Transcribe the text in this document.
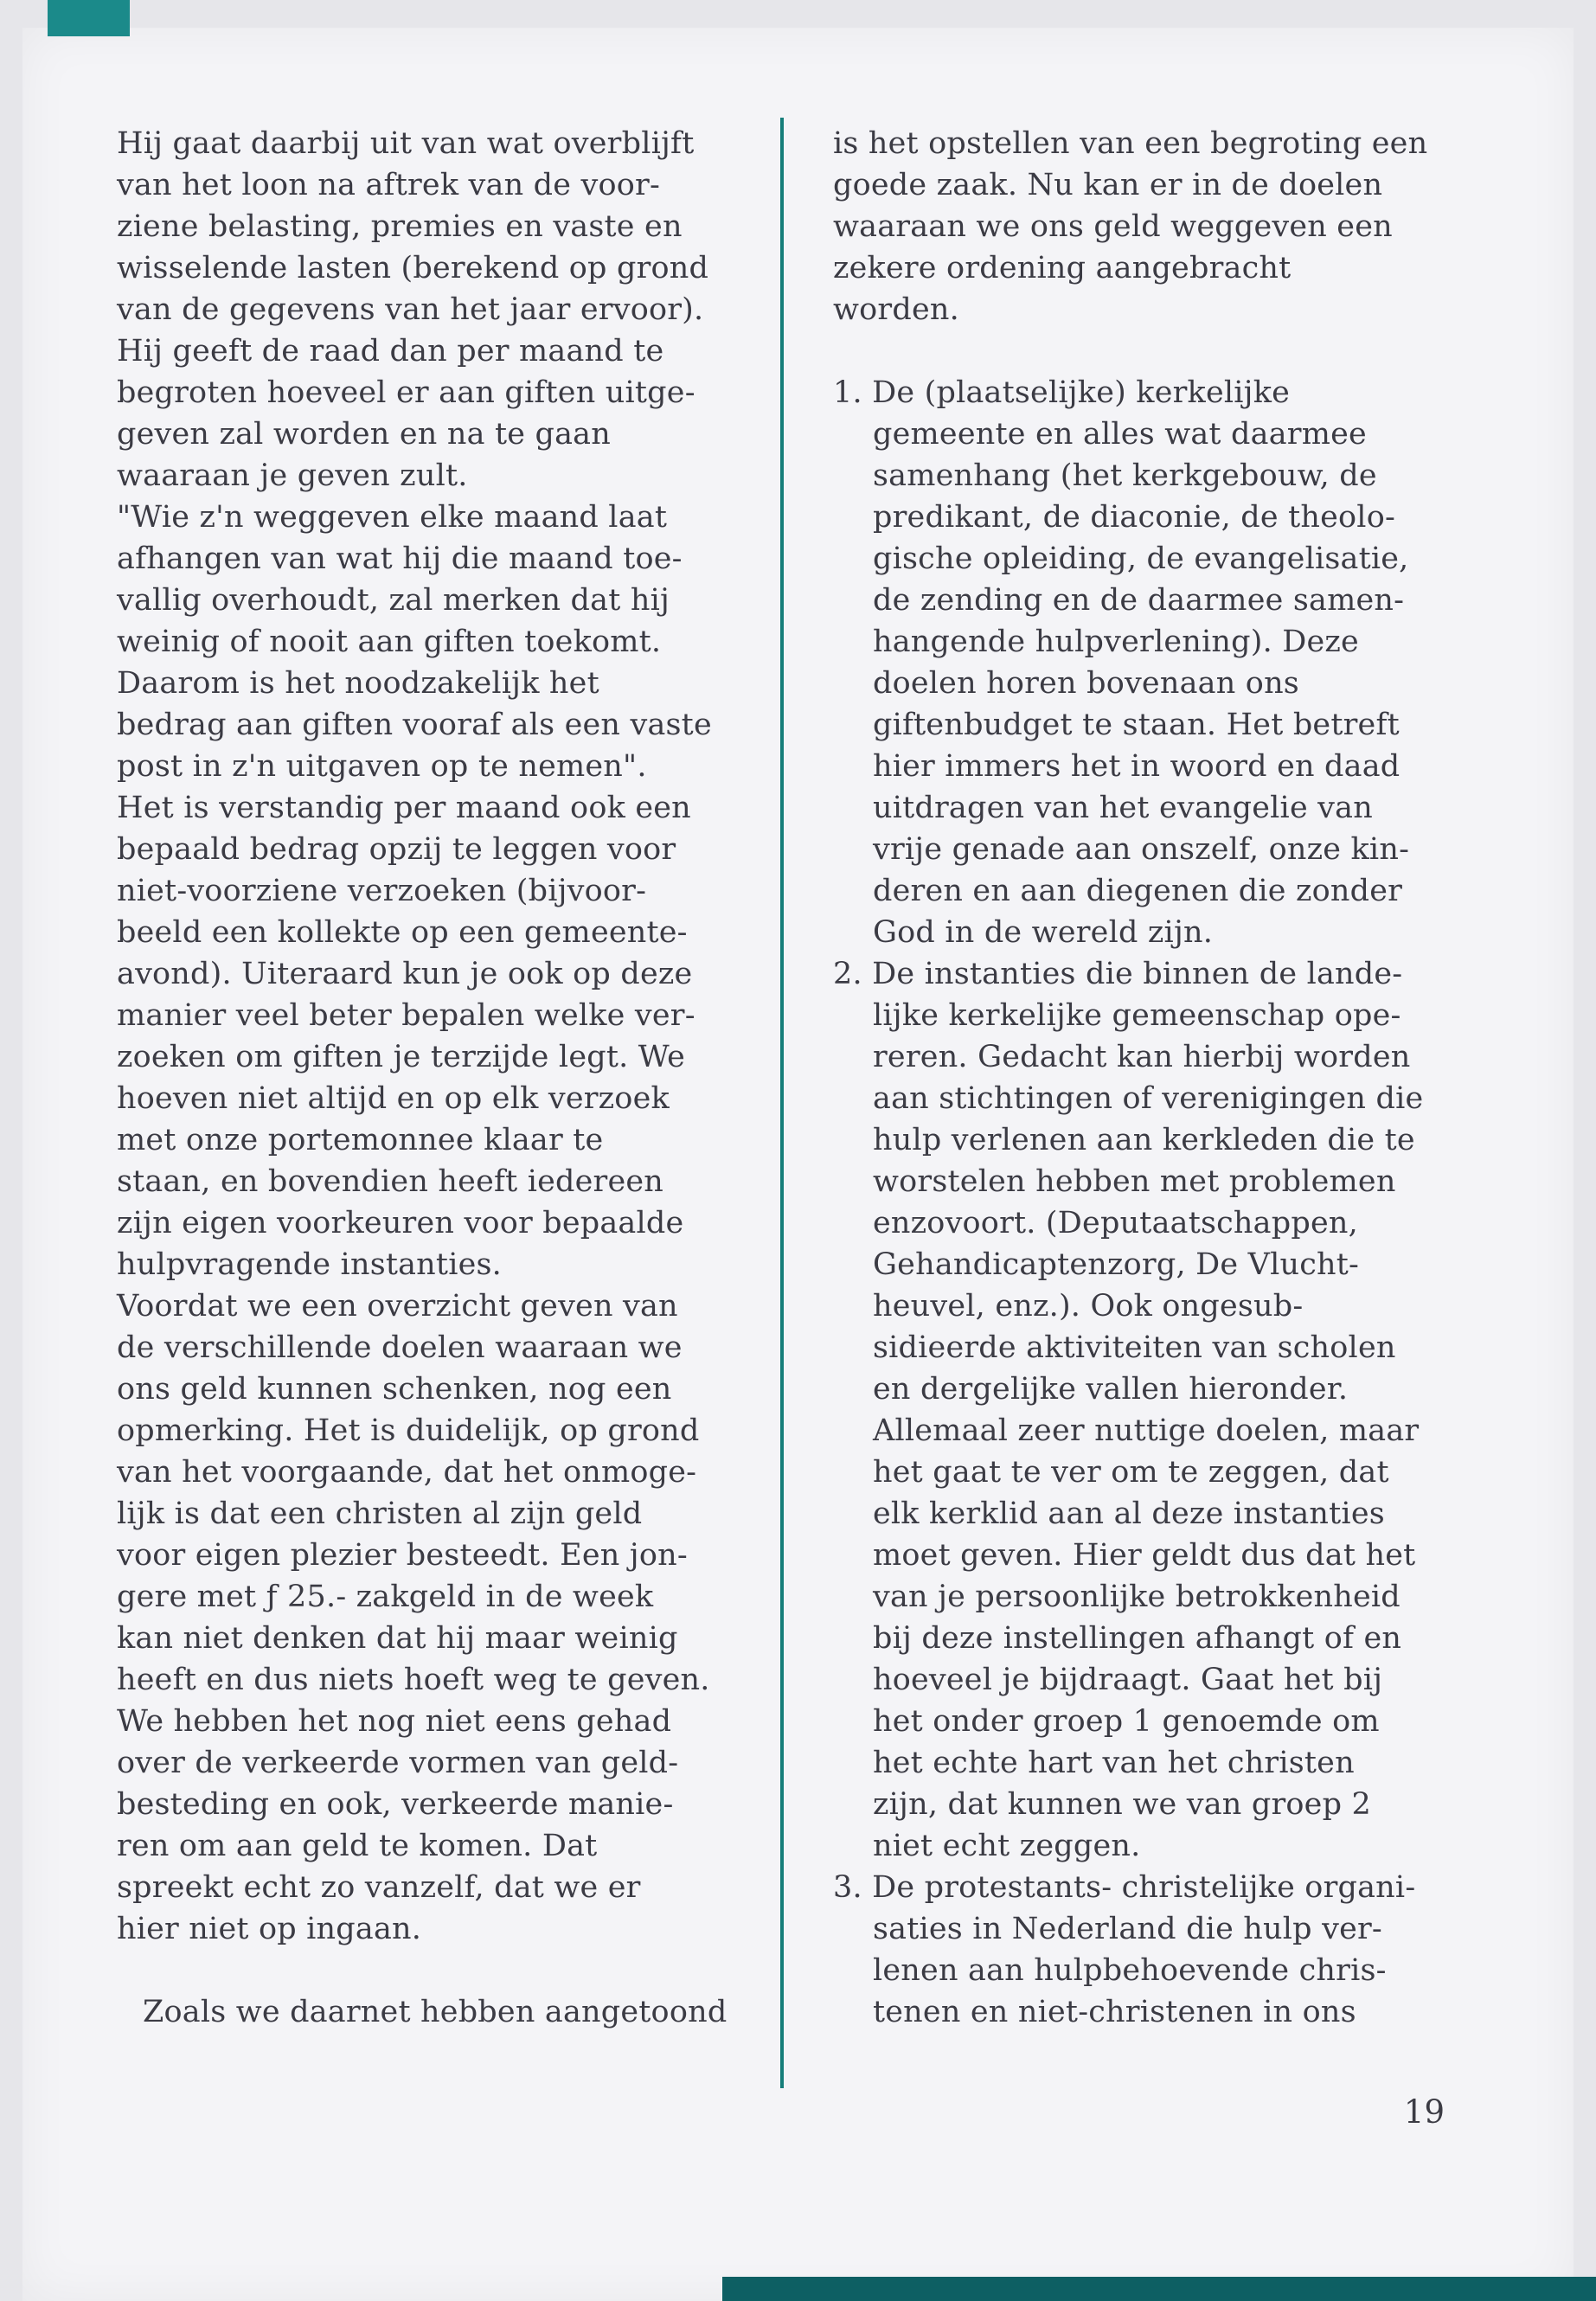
Hij gaat daarbij uit van wat overblijft
van het loon na aftrek van de voor-
ziene belasting, premies en vaste en
wisselende lasten (berekend op grond
van de gegevens van het jaar ervoor).
Hij geeft de raad dan per maand te
begroten hoeveel er aan giften uitge-
geven zal worden en na te gaan
waaraan je geven zult.
"Wie z'n weggeven elke maand laat
afhangen van wat hij die maand toe-
vallig overhoudt, zal merken dat hij
weinig of nooit aan giften toekomt.
Daarom is het noodzakelijk het
bedrag aan giften vooraf als een vaste
post in z'n uitgaven op te nemen".
Het is verstandig per maand ook een
bepaald bedrag opzij te leggen voor
niet-voorziene verzoeken (bijvoor-
beeld een kollekte op een gemeente-
avond). Uiteraard kun je ook op deze
manier veel beter bepalen welke ver-
zoeken om giften je terzijde legt. We
hoeven niet altijd en op elk verzoek
met onze portemonnee klaar te
staan, en bovendien heeft iedereen
zijn eigen voorkeuren voor bepaalde
hulpvragende instanties.
Voordat we een overzicht geven van
de verschillende doelen waaraan we
ons geld kunnen schenken, nog een
opmerking. Het is duidelijk, op grond
van het voorgaande, dat het onmoge-
lijk is dat een christen al zijn geld
voor eigen plezier besteedt. Een jon-
gere met ƒ 25.- zakgeld in de week
kan niet denken dat hij maar weinig
heeft en dus niets hoeft weg te geven.
We hebben het nog niet eens gehad
over de verkeerde vormen van geld-
besteding en ook, verkeerde manie-
ren om aan geld te komen. Dat
spreekt echt zo vanzelf, dat we er
hier niet op ingaan.

Zoals we daarnet hebben aangetoond
is het opstellen van een begroting een
goede zaak. Nu kan er in de doelen
waaraan we ons geld weggeven een
zekere ordening aangebracht
worden.

1. De (plaatselijke) kerkelijke
gemeente en alles wat daarmee
samenhang (het kerkgebouw, de
predikant, de diaconie, de theolo-
gische opleiding, de evangelisatie,
de zending en de daarmee samen-
hangende hulpverlening). Deze
doelen horen bovenaan ons
giftenbudget te staan. Het betreft
hier immers het in woord en daad
uitdragen van het evangelie van
vrije genade aan onszelf, onze kin-
deren en aan diegenen die zonder
God in de wereld zijn.
2. De instanties die binnen de lande-
lijke kerkelijke gemeenschap ope-
reren. Gedacht kan hierbij worden
aan stichtingen of verenigingen die
hulp verlenen aan kerkleden die te
worstelen hebben met problemen
enzovoort. (Deputaatschappen,
Gehandicaptenzorg, De Vlucht-
heuvel, enz.). Ook ongesub-
sidieerde aktiviteiten van scholen
en dergelijke vallen hieronder.
Allemaal zeer nuttige doelen, maar
het gaat te ver om te zeggen, dat
elk kerklid aan al deze instanties
moet geven. Hier geldt dus dat het
van je persoonlijke betrokkenheid
bij deze instellingen afhangt of en
hoeveel je bijdraagt. Gaat het bij
het onder groep 1 genoemde om
het echte hart van het christen
zijn, dat kunnen we van groep 2
niet echt zeggen.
3. De protestants- christelijke organi-
saties in Nederland die hulp ver-
lenen aan hulpbehoevende chris-
tenen en niet-christenen in ons
19
